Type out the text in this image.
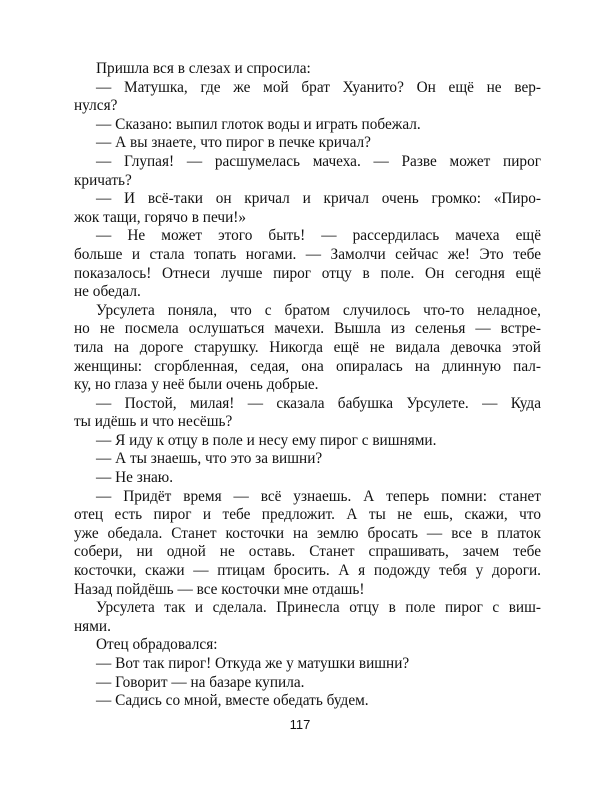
Пришла вся в слезах и спросила:
— Матушка, где же мой брат Хуанито? Он ещё не вер-
нулся?
— Сказано: выпил глоток воды и играть побежал.
— А вы знаете, что пирог в печке кричал?
— Глупая! — расшумелась мачеха. — Разве может пирог
кричать?
— И всё-таки он кричал и кричал очень громко: «Пиро-
жок тащи, горячо в печи!»
— Не может этого быть! — рассердилась мачеха ещё
больше и стала топать ногами. — Замолчи сейчас же! Это тебе
показалось! Отнеси лучше пирог отцу в поле. Он сегодня ещё
не обедал.
Урсулета поняла, что с братом случилось что-то неладное,
но не посмела ослушаться мачехи. Вышла из селенья — встре-
тила на дороге старушку. Никогда ещё не видала девочка этой
женщины: сгорбленная, седая, она опиралась на длинную пал-
ку, но глаза у неё были очень добрые.
— Постой, милая! — сказала бабушка Урсулете. — Куда
ты идёшь и что несёшь?
— Я иду к отцу в поле и несу ему пирог с вишнями.
— А ты знаешь, что это за вишни?
— Не знаю.
— Придёт время — всё узнаешь. А теперь помни: станет
отец есть пирог и тебе предложит. А ты не ешь, скажи, что
уже обедала. Станет косточки на землю бросать — все в платок
собери, ни одной не оставь. Станет спрашивать, зачем тебе
косточки, скажи — птицам бросить. А я подожду тебя у дороги.
Назад пойдёшь — все косточки мне отдашь!
Урсулета так и сделала. Принесла отцу в поле пирог с виш-
нями.
Отец обрадовался:
— Вот так пирог! Откуда же у матушки вишни?
— Говорит — на базаре купила.
— Садись со мной, вместе обедать будем.
117
